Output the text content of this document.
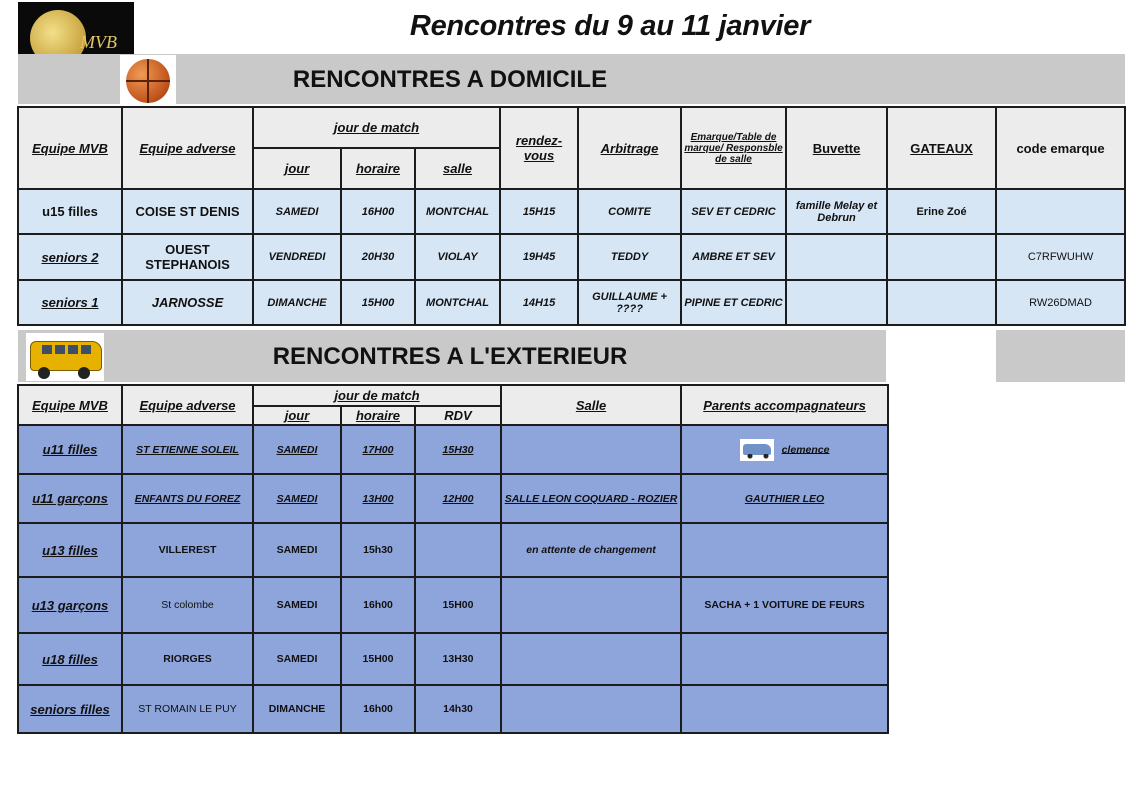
MVB	Rencontres du 9 au 11 janvier
RENCONTRES A DOMICILE
Equipe MVB	Equipe adverse	jour de match			rendez-vous	Arbitrage	Emarque/Table de marque/ Responsble de salle	Buvette	GATEAUX	code emarque
		jour	horaire	salle						
u15 filles	COISE ST DENIS	SAMEDI	16H00	MONTCHAL	15H15	COMITE	SEV ET CEDRIC	famille Melay et Debrun	Erine Zoé	
seniors 2	OUEST STEPHANOIS	VENDREDI	20H30	VIOLAY	19H45	TEDDY	AMBRE ET SEV			C7RFWUHW
seniors 1	JARNOSSE	DIMANCHE	15H00	MONTCHAL	14H15	GUILLAUME + ????	PIPINE ET CEDRIC			RW26DMAD
RENCONTRES A L'EXTERIEUR
Equipe MVB	Equipe adverse	jour de match			Salle	Parents accompagnateurs
		jour	horaire	RDV		
u11 filles	ST ETIENNE SOLEIL	SAMEDI	17H00	15H30		clemence
u11 garçons	ENFANTS DU FOREZ	SAMEDI	13H00	12H00	SALLE LEON COQUARD - ROZIER	GAUTHIER LEO
u13 filles	VILLEREST	SAMEDI	15h30		en attente de changement	
u13 garçons	St colombe	SAMEDI	16h00	15H00		SACHA + 1 VOITURE DE FEURS
u18 filles	RIORGES	SAMEDI	15H00	13H30		
seniors filles	ST ROMAIN LE PUY	DIMANCHE	16h00	14h30		
